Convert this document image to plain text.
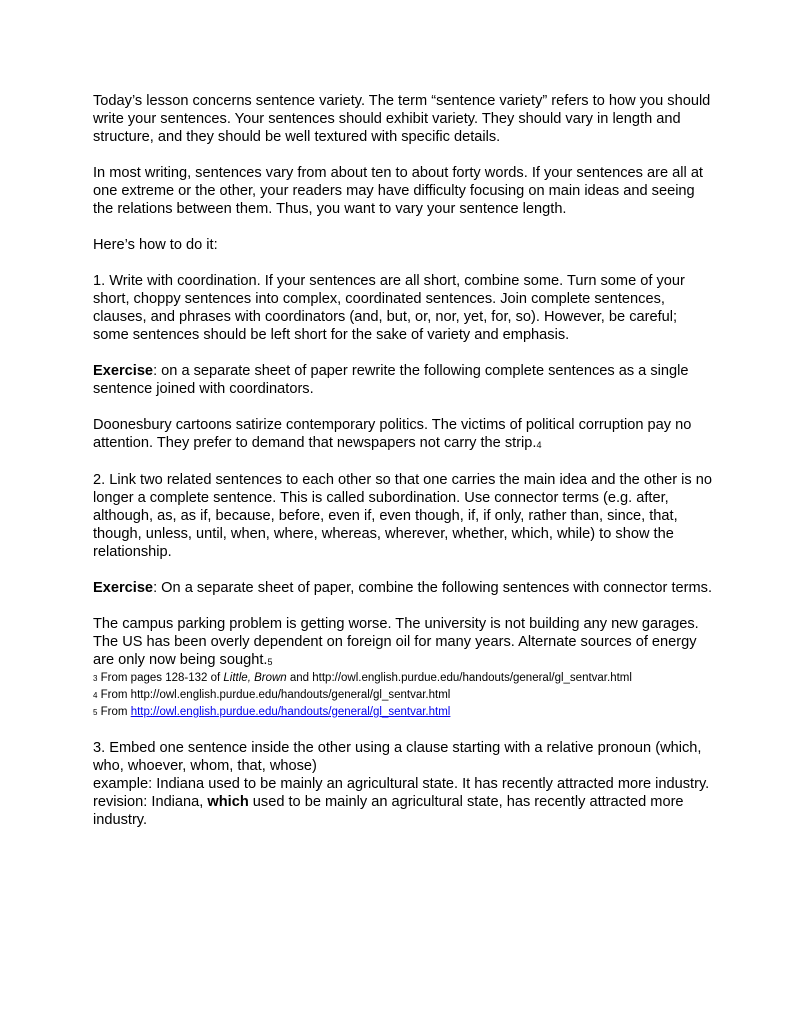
Today’s lesson concerns sentence variety. The term “sentence variety” refers to how you should write your sentences. Your sentences should exhibit variety. They should vary in length and structure, and they should be well textured with specific details.

In most writing, sentences vary from about ten to about forty words. If your sentences are all at one extreme or the other, your readers may have difficulty focusing on main ideas and seeing the relations between them. Thus, you want to vary your sentence length.

Here’s how to do it:

1. Write with coordination. If your sentences are all short, combine some. Turn some of your short, choppy sentences into complex, coordinated sentences. Join complete sentences, clauses, and phrases with coordinators (and, but, or, nor, yet, for, so). However, be careful; some sentences should be left short for the sake of variety and emphasis.

Exercise: on a separate sheet of paper rewrite the following complete sentences as a single sentence joined with coordinators.

Doonesbury cartoons satirize contemporary politics. The victims of political corruption pay no attention. They prefer to demand that newspapers not carry the strip.$^4$

2. Link two related sentences to each other so that one carries the main idea and the other is no longer a complete sentence. This is called subordination. Use connector terms (e.g. after, although, as, as if, because, before, even if, even though, if, if only, rather than, since, that, though, unless, until, when, where, whereas, wherever, whether, which, while) to show the relationship.

Exercise: On a separate sheet of paper, combine the following sentences with connector terms.

The campus parking problem is getting worse. The university is not building any new garages. The US has been overly dependent on foreign oil for many years. Alternate sources of energy are only now being sought.$^5$

3 From pages 128-132 of Little, Brown and http://owl.english.purdue.edu/handouts/general/gl_sentvar.html
4 From http://owl.english.purdue.edu/handouts/general/gl_sentvar.html
5 From http://owl.english.purdue.edu/handouts/general/gl_sentvar.html

3. Embed one sentence inside the other using a clause starting with a relative pronoun (which, who, whoever, whom, that, whose)

example: Indiana used to be mainly an agricultural state. It has recently attracted more industry.

revision: Indiana, which used to be mainly an agricultural state, has recently attracted more industry.
